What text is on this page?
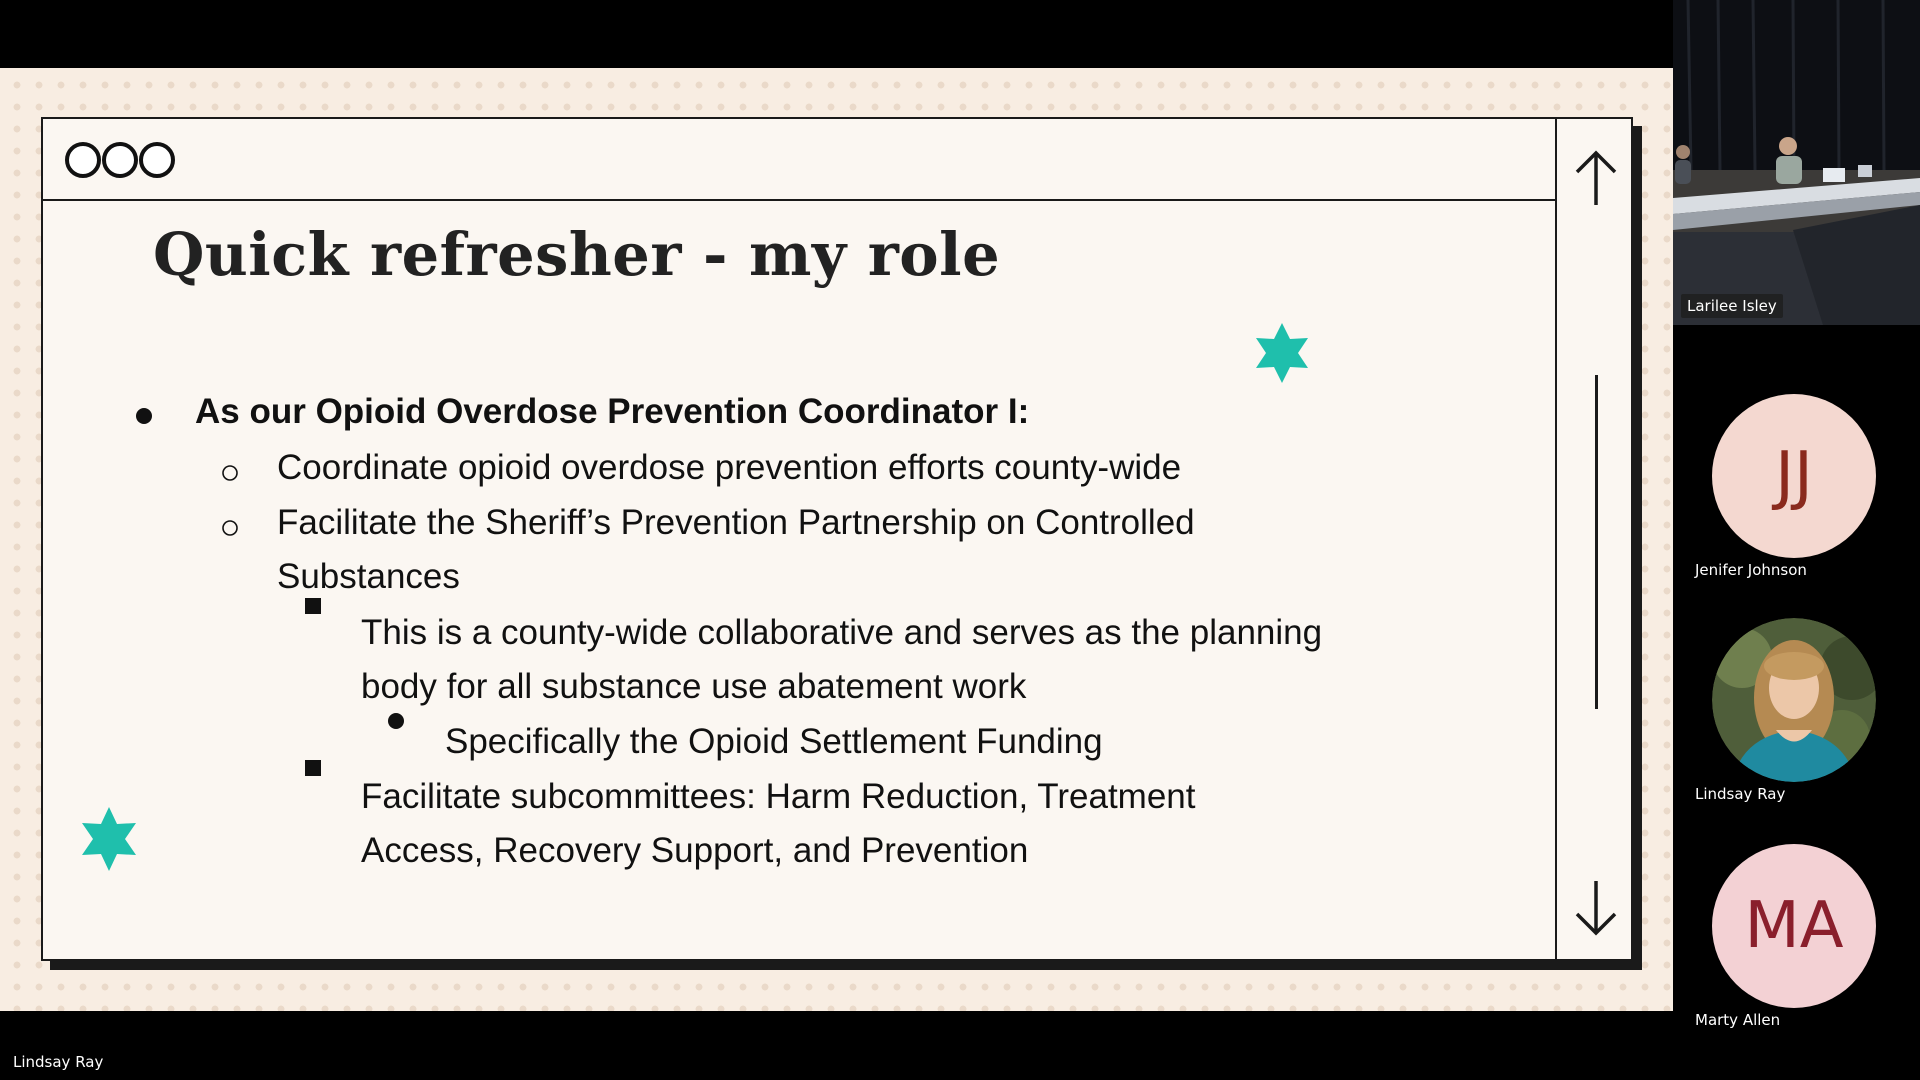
Quick refresher - my role
As our Opioid Overdose Prevention Coordinator I:
Coordinate opioid overdose prevention efforts county-wide
Facilitate the Sheriff’s Prevention Partnership on Controlled
Substances
This is a county-wide collaborative and serves as the planning
body for all substance use abatement work
Specifically the Opioid Settlement Funding
Facilitate subcommittees: Harm Reduction, Treatment
Access, Recovery Support, and Prevention
Larilee Isley
JJ
Jenifer Johnson
Lindsay Ray
MA
Marty Allen
Lindsay Ray
